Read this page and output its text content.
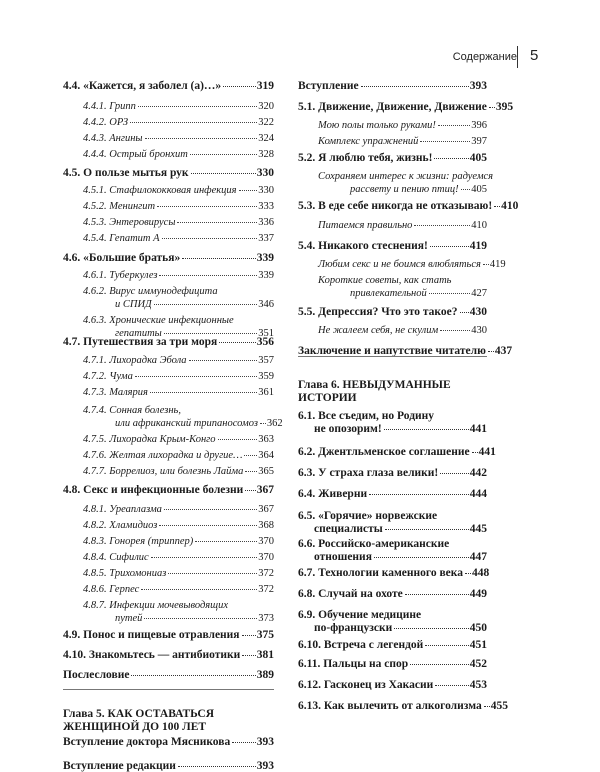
Содержание 5
4.4. «Кажется, я заболел (а)…»	319
4.4.1. Грипп	320
4.4.2. ОРЗ	322
4.4.3. Ангины	324
4.4.4. Острый бронхит	328
4.5. О пользе мытья рук	330
4.5.1. Стафилококковая инфекция 330
4.5.2. Менингит	333
4.5.3. Энтеровирусы	336
4.5.4. Гепатит A	337
4.6. «Большие братья»	339
4.6.1. Туберкулез	339
4.6.2. Вирус иммунодефицита
и СПИД	346
4.6.3. Хронические инфекционные
гепатиты	351
4.7. Путешествия за три моря	356
4.7.1. Лихорадка Эбола	357
4.7.2. Чума	359
4.7.3. Малярия	361
4.7.4. Сонная болезнь,
или африканский трипаносомоз 362
4.7.5. Лихорадка Крым-Конго	363
4.7.6. Желтая лихорадка и другие… 364
4.7.7. Боррелиоз, или болезнь Лайма 365
4.8. Секс и инфекционные болезни 367
4.8.1. Уреаплазма	367
4.8.2. Хламидиоз	368
4.8.3. Гонорея (триппер)	370
4.8.4. Сифилис	370
4.8.5. Трихомониаз	372
4.8.6. Герпес	372
4.8.7. Инфекции мочевыводящих
путей	373
4.9. Понос и пищевые отравления 375
4.10. Знакомьтесь — антибиотики 381
Послесловие	389
Глава 5. КАК ОСТАВАТЬСЯ
ЖЕНЩИНОЙ ДО 100 ЛЕТ
Вступление доктора Мясникова 393
Вступление редакции	393
Вступление	393
5.1. Движение, Движение, Движение 395
Мою полы только руками!	396
Комплекс упражнений	397
5.2. Я люблю тебя, жизнь!	405
Сохраняем интерес к жизни: радуемся
рассвету и пению птиц! 405
5.3. В еде себе никогда не отказываю! 410
Питаемся правильно	410
5.4. Никакого стеснения!	419
Любим секс и не боимся влюбляться 419
Короткие советы, как стать
привлекательной	427
5.5. Депрессия? Что это такое? 430
Не жалеем себя, не скулим	430
Заключение и напутствие читателю 437
Глава 6. НЕВЫДУМАННЫЕ
ИСТОРИИ
6.1. Все съедим, но Родину
не опозорим!	441
6.2. Джентльменское соглашение 441
6.3. У страха глаза велики!	442
6.4. Живерни	444
6.5. «Горячие» норвежские
специалисты	445
6.6. Российско-американские
отношения	447
6.7. Технологии каменного века 448
6.8. Случай на охоте	449
6.9. Обучение медицине
по-французски	450
6.10. Встреча с легендой	451
6.11. Пальцы на спор	452
6.12. Гасконец из Хакасии	453
6.13. Как вылечить от алкоголизма 455
